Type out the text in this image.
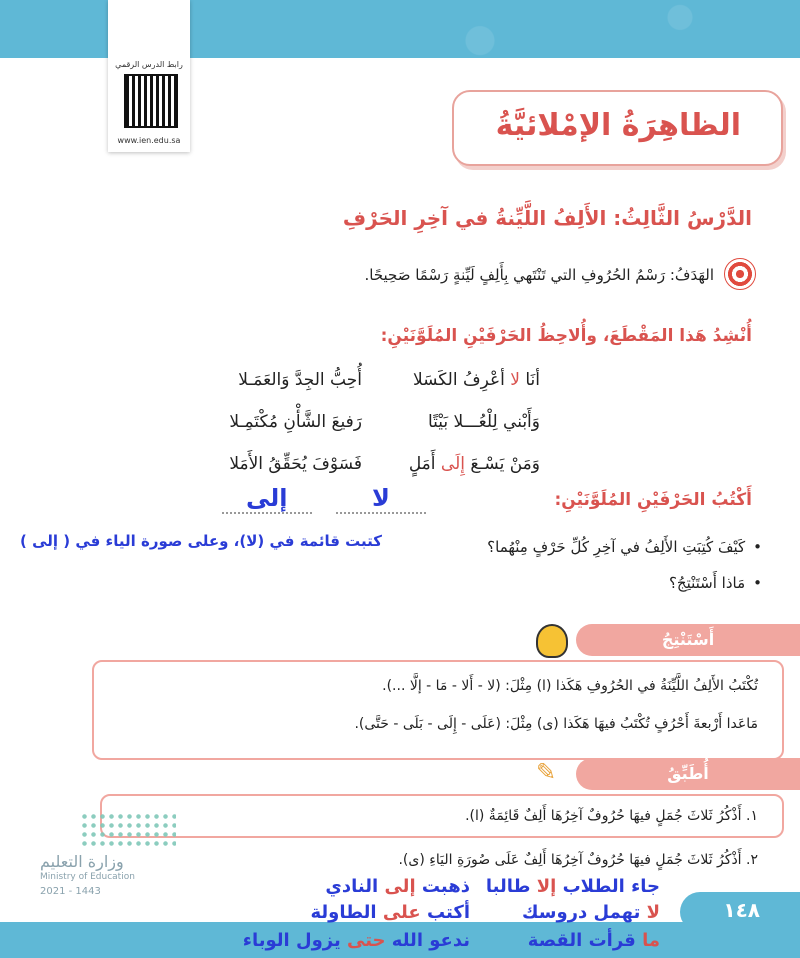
رابط الدرس الرقمي
www.ien.edu.sa	الظاهِرَةُ الإمْلائيَّةُ
الدَّرْسُ الثَّالِثُ: الأَلِفُ اللَّيِّنةُ في آخِرِ الحَرْفِ
الهَدَفُ: رَسْمُ الحُرُوفِ التي تَنْتَهي بِأَلِفٍ لَيِّنةٍ رَسْمًا صَحِيحًا.
أُنْشِدُ هَذا المَقْطَعَ، وأُلاحِظُ الحَرْفَيْنِ المُلَوَّنَيْنِ:
أنَا لا أعْرِفُ الكَسَلا
أُحِبُّ الجِدَّ وَالعَمَـلا
وَأَبْني لِلْعُـــلا بَيْتًا
رَفيعَ الشَّأْنِ مُكْتَمِـلا
وَمَنْ يَسْـعَ إِلَى أَمَلٍ
فَسَوْفَ يُحَقِّقُ الأَمَلا
أَكْتُبُ الحَرْفَيْنِ المُلَوَّنَيْنِ:
لا
إلى
• كَيْفَ كُتِبَتِ الأَلِفُ في آخِرِ كُلِّ حَرْفٍ مِنْهُما؟
كتبت قائمة في (لا)، وعلى صورة الياء في ( إلى )
• مَاذا أَسْتَنْتِجُ؟
أَسْتَنْتِجُ
تُكْتَبُ الأَلِفُ اللَّيِّنَةُ في الحُرُوفِ هَكَذا (ا) مِثْلَ: (لا - أَلا - مَا - إلَّا ...).
مَاعَدا أَرْبعةَ أَحْرُفٍ تُكْتَبُ فيهَا هَكَذا (ى) مِثْلَ: (عَلَى - إِلَى - بَلَى - حَتَّى).
أُطَبِّقُ
✎
١. أَذْكُرُ ثَلاثَ جُمَلٍ فيهَا حُرُوفٌ آخِرُهَا أَلِفٌ قَائِمَةٌ (ا).
٢. أَذْكُرُ ثَلاثَ جُمَلٍ فيهَا حُرُوفٌ آخِرُهَا أَلِفٌ عَلَى صُورَةِ اليَاءِ (ى).
١٤٨
وزارة التعليم
Ministry of Education
2021 - 1443	جاء الطلاب إلا طالبا
ذهبت إلى النادي
لا تهمل دروسك
أكتب على الطاولة
ما قرأت القصة
ندعو الله حتى يزول الوباء
